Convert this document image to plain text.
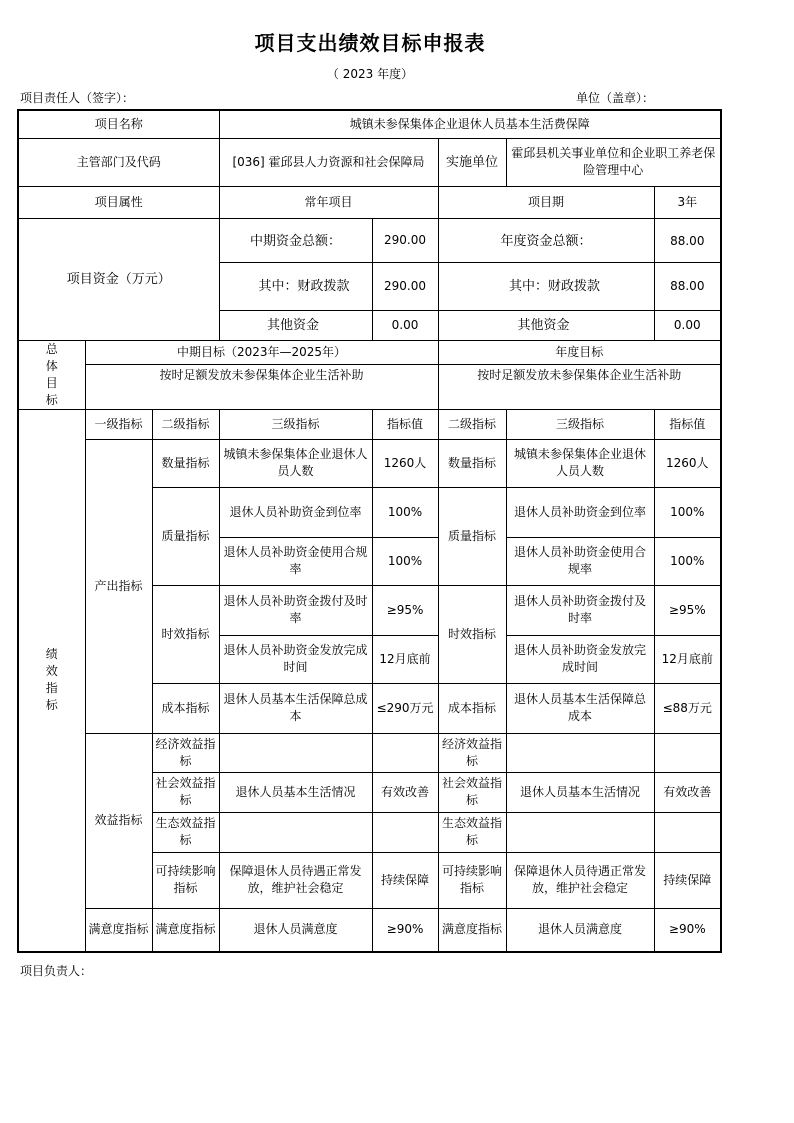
项目支出绩效目标申报表
（ 2023 年度）
项目责任人（签字）：	单位（盖章）：
项目名称			城镇未参保集体企业退休人员基本生活费保障				
主管部门及代码			[036] 霍邱县人力资源和社会保障局		实施单位	霍邱县机关事业单位和企业职工养老保险管理中心	
项目属性			常年项目		项目期		3年
项目资金（万元）			中期资金总额：	290.00	年度资金总额：		88.00
			其中：财政拨款	290.00	其中：财政拨款		88.00
			其他资金	0.00	其他资金		0.00
总体目标	中期目标（2023年—2025年）				年度目标		
	按时足额发放未参保集体企业生活补助				按时足额发放未参保集体企业生活补助		
绩效指标	一级指标	二级指标	三级指标	指标值	二级指标	三级指标	指标值
	产出指标	数量指标	城镇未参保集体企业退休人员人数	1260人	数量指标	城镇未参保集体企业退休人员人数	1260人
		质量指标	退休人员补助资金到位率	100%	质量指标	退休人员补助资金到位率	100%
			退休人员补助资金使用合规率	100%		退休人员补助资金使用合规率	100%
		时效指标	退休人员补助资金拨付及时率	≥95%	时效指标	退休人员补助资金拨付及时率	≥95%
			退休人员补助资金发放完成时间	12月底前		退休人员补助资金发放完成时间	12月底前
		成本指标	退休人员基本生活保障总成本	≤290万元	成本指标	退休人员基本生活保障总成本	≤88万元
	效益指标	经济效益指标			经济效益指标		
		社会效益指标	退休人员基本生活情况	有效改善	社会效益指标	退休人员基本生活情况	有效改善
		生态效益指标			生态效益指标		
		可持续影响指标	保障退休人员待遇正常发放，维护社会稳定	持续保障	可持续影响指标	保障退休人员待遇正常发放，维护社会稳定	持续保障
	满意度指标	满意度指标	退休人员满意度	≥90%	满意度指标	退休人员满意度	≥90%
项目负责人：
